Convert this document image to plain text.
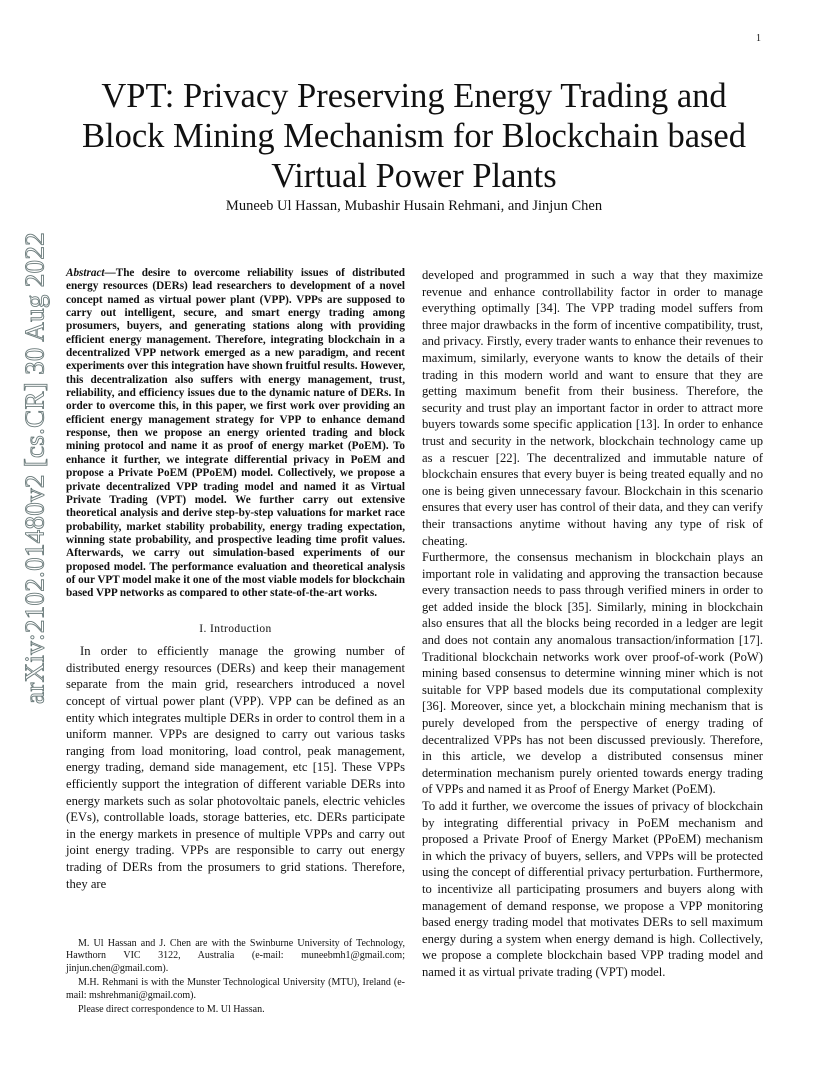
1
arXiv:2102.01480v2 [cs.CR] 30 Aug 2022
VPT: Privacy Preserving Energy Trading and Block Mining Mechanism for Blockchain based Virtual Power Plants
Muneeb Ul Hassan, Mubashir Husain Rehmani, and Jinjun Chen

Abstract—The desire to overcome reliability issues of distributed energy resources (DERs) lead researchers to development of a novel concept named as virtual power plant (VPP). VPPs are supposed to carry out intelligent, secure, and smart energy trading among prosumers, buyers, and generating stations along with providing efficient energy management. Therefore, integrating blockchain in a decentralized VPP network emerged as a new paradigm, and recent experiments over this integration have shown fruitful results. However, this decentralization also suffers with energy management, trust, reliability, and efficiency issues due to the dynamic nature of DERs. In order to overcome this, in this paper, we first work over providing an efficient energy management strategy for VPP to enhance demand response, then we propose an energy oriented trading and block mining protocol and name it as proof of energy market (PoEM). To enhance it further, we integrate differential privacy in PoEM and propose a Private PoEM (PPoEM) model. Collectively, we propose a private decentralized VPP trading model and named it as Virtual Private Trading (VPT) model. We further carry out extensive theoretical analysis and derive step-by-step valuations for market race probability, market stability probability, energy trading expectation, winning state probability, and prospective leading time profit values. Afterwards, we carry out simulation-based experiments of our proposed model. The performance evaluation and theoretical analysis of our VPT model make it one of the most viable models for blockchain based VPP networks as compared to other state-of-the-art works.

I. Introduction

In order to efficiently manage the growing number of distributed energy resources (DERs) and keep their management separate from the main grid, researchers introduced a novel concept of virtual power plant (VPP). VPP can be defined as an entity which integrates multiple DERs in order to control them in a uniform manner. VPPs are designed to carry out various tasks ranging from load monitoring, load control, peak management, energy trading, demand side management, etc [15]. These VPPs efficiently support the integration of different variable DERs into energy markets such as solar photovoltaic panels, electric vehicles (EVs), controllable loads, storage batteries, etc. DERs participate in the energy markets in presence of multiple VPPs and carry out joint energy trading. VPPs are responsible to carry out energy trading of DERs from the prosumers to grid stations. Therefore, they are

developed and programmed in such a way that they maximize revenue and enhance controllability factor in order to manage everything optimally [34]. The VPP trading model suffers from three major drawbacks in the form of incentive compatibility, trust, and privacy. Firstly, every trader wants to enhance their revenues to maximum, similarly, everyone wants to know the details of their trading in this modern world and want to ensure that they are getting maximum benefit from their business. Therefore, the security and trust play an important factor in order to attract more buyers towards some specific application [13]. In order to enhance trust and security in the network, blockchain technology came up as a rescuer [22]. The decentralized and immutable nature of blockchain ensures that every buyer is being treated equally and no one is being given unnecessary favour. Blockchain in this scenario ensures that every user has control of their data, and they can verify their transactions anytime without having any type of risk of cheating.

Furthermore, the consensus mechanism in blockchain plays an important role in validating and approving the transaction because every transaction needs to pass through verified miners in order to get added inside the block [35]. Similarly, mining in blockchain also ensures that all the blocks being recorded in a ledger are legit and does not contain any anomalous transaction/information [17]. Traditional blockchain networks work over proof-of-work (PoW) mining based consensus to determine winning miner which is not suitable for VPP based models due its computational complexity [36]. Moreover, since yet, a blockchain mining mechanism that is purely developed from the perspective of energy trading of decentralized VPPs has not been discussed previously. Therefore, in this article, we develop a distributed consensus miner determination mechanism purely oriented towards energy trading of VPPs and named it as Proof of Energy Market (PoEM).

To add it further, we overcome the issues of privacy of blockchain by integrating differential privacy in PoEM mechanism and proposed a Private Proof of Energy Market (PPoEM) mechanism in which the privacy of buyers, sellers, and VPPs will be protected using the concept of differential privacy perturbation. Furthermore, to incentivize all participating prosumers and buyers along with management of demand response, we propose a VPP monitoring based energy trading model that motivates DERs to sell maximum energy during a system when energy demand is high. Collectively, we propose a complete blockchain based VPP trading model and named it as virtual private trading (VPT) model.

M. Ul Hassan and J. Chen are with the Swinburne University of Technology, Hawthorn VIC 3122, Australia (e-mail: muneebmh1@gmail.com; jinjun.chen@gmail.com).

M.H. Rehmani is with the Munster Technological University (MTU), Ireland (e-mail: mshrehmani@gmail.com).

Please direct correspondence to M. Ul Hassan.
